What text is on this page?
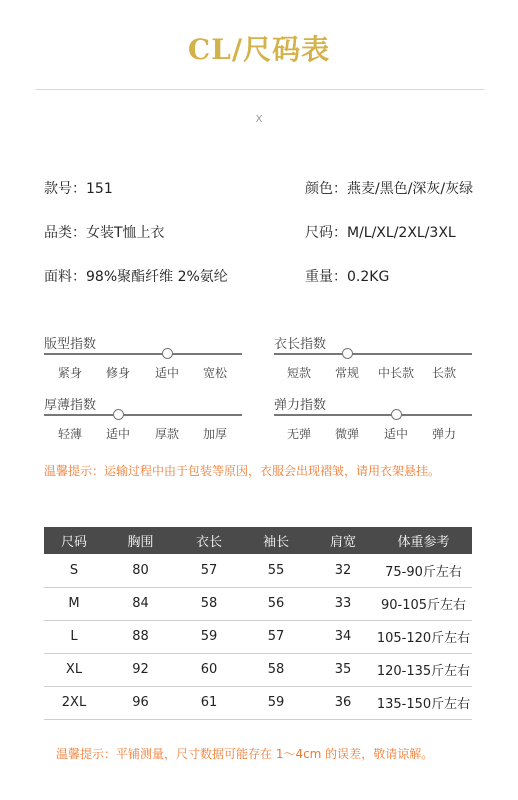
CL/尺码表
X
款号：151	颜色：燕麦/黑色/深灰/灰绿
品类：女装T恤上衣	尺码：M/L/XL/2XL/3XL
面料：98%聚酯纤维 2%氨纶	重量：0.2KG
版型指数
紧身 修身 适中 宽松
衣长指数
短款 常规 中长款 长款
厚薄指数
轻薄 适中 厚款 加厚
弹力指数
无弹 微弹 适中 弹力
温馨提示：运输过程中由于包装等原因，衣服会出现褶皱，请用衣架悬挂。
尺码	胸围	衣长	袖长	肩宽	体重参考
S	80	57	55	32	75-90斤左右
M	84	58	56	33	90-105斤左右
L	88	59	57	34	105-120斤左右
XL	92	60	58	35	120-135斤左右
2XL	96	61	59	36	135-150斤左右
温馨提示：平铺测量，尺寸数据可能存在 1～4cm 的误差，敬请谅解。
